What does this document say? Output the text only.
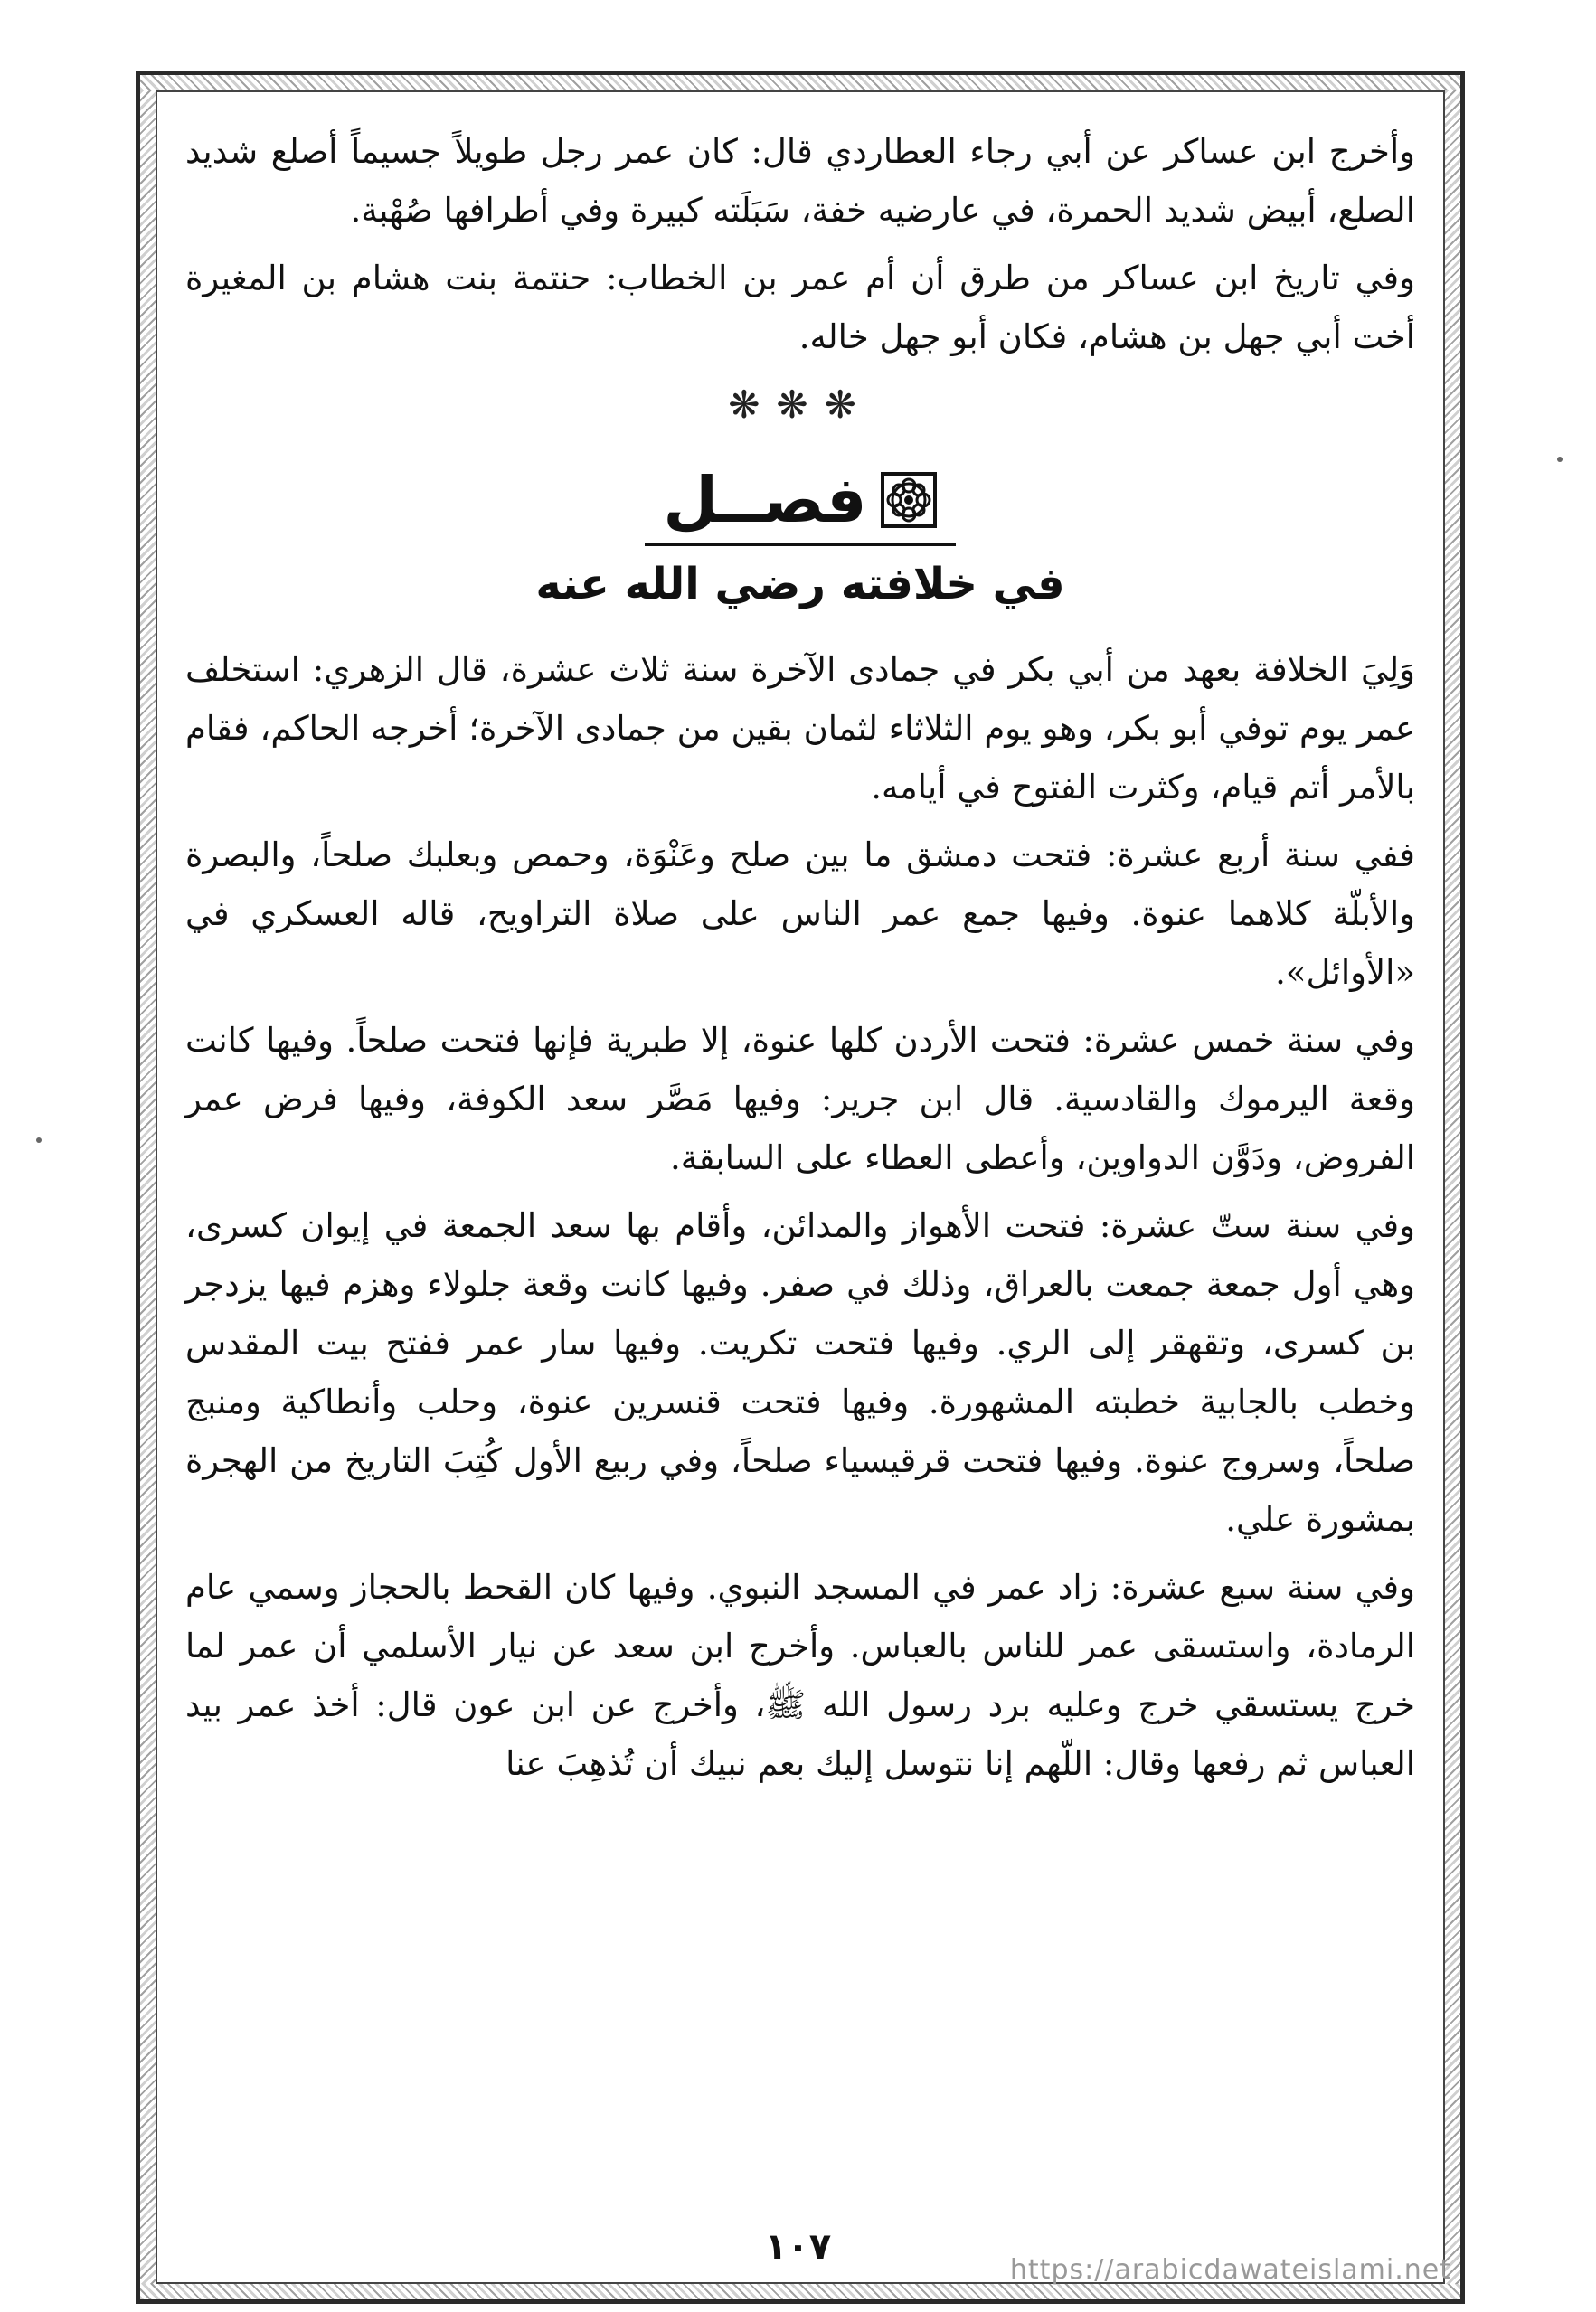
وأخرج ابن عساكر عن أبي رجاء العطاردي قال: كان عمر رجل طويلاً جسيماً أصلع شديد الصلع، أبيض شديد الحمرة، في عارضيه خفة، سَبَلَته كبيرة وفي أطرافها صُهْبة.

وفي تاريخ ابن عساكر من طرق أن أم عمر بن الخطاب: حنتمة بنت هشام بن المغيرة أخت أبي جهل بن هشام، فكان أبو جهل خاله.

❋❋❋
فصــل
في خلافته رضي الله عنه

وَلِيَ الخلافة بعهد من أبي بكر في جمادى الآخرة سنة ثلاث عشرة، قال الزهري: استخلف عمر يوم توفي أبو بكر، وهو يوم الثلاثاء لثمان بقين من جمادى الآخرة؛ أخرجه الحاكم، فقام بالأمر أتم قيام، وكثرت الفتوح في أيامه.

ففي سنة أربع عشرة: فتحت دمشق ما بين صلح وعَنْوَة، وحمص وبعلبك صلحاً، والبصرة والأبلّة كلاهما عنوة. وفيها جمع عمر الناس على صلاة التراويح، قاله العسكري في «الأوائل».

وفي سنة خمس عشرة: فتحت الأردن كلها عنوة، إلا طبرية فإنها فتحت صلحاً. وفيها كانت وقعة اليرموك والقادسية. قال ابن جرير: وفيها مَصَّر سعد الكوفة، وفيها فرض عمر الفروض، ودَوَّن الدواوين، وأعطى العطاء على السابقة.

وفي سنة ستّ عشرة: فتحت الأهواز والمدائن، وأقام بها سعد الجمعة في إيوان كسرى، وهي أول جمعة جمعت بالعراق، وذلك في صفر. وفيها كانت وقعة جلولاء وهزم فيها يزدجر بن كسرى، وتقهقر إلى الري. وفيها فتحت تكريت. وفيها سار عمر ففتح بيت المقدس وخطب بالجابية خطبته المشهورة. وفيها فتحت قنسرين عنوة، وحلب وأنطاكية ومنبج صلحاً، وسروج عنوة. وفيها فتحت قرقيسياء صلحاً، وفي ربيع الأول كُتِبَ التاريخ من الهجرة بمشورة علي.

وفي سنة سبع عشرة: زاد عمر في المسجد النبوي. وفيها كان القحط بالحجاز وسمي عام الرمادة، واستسقى عمر للناس بالعباس. وأخرج ابن سعد عن نيار الأسلمي أن عمر لما خرج يستسقي خرج وعليه برد رسول الله ﷺ، وأخرج عن ابن عون قال: أخذ عمر بيد العباس ثم رفعها وقال: اللّهم إنا نتوسل إليك بعم نبيك أن تُذهِبَ عنا

١٠٧
https://arabicdawateislami.net
